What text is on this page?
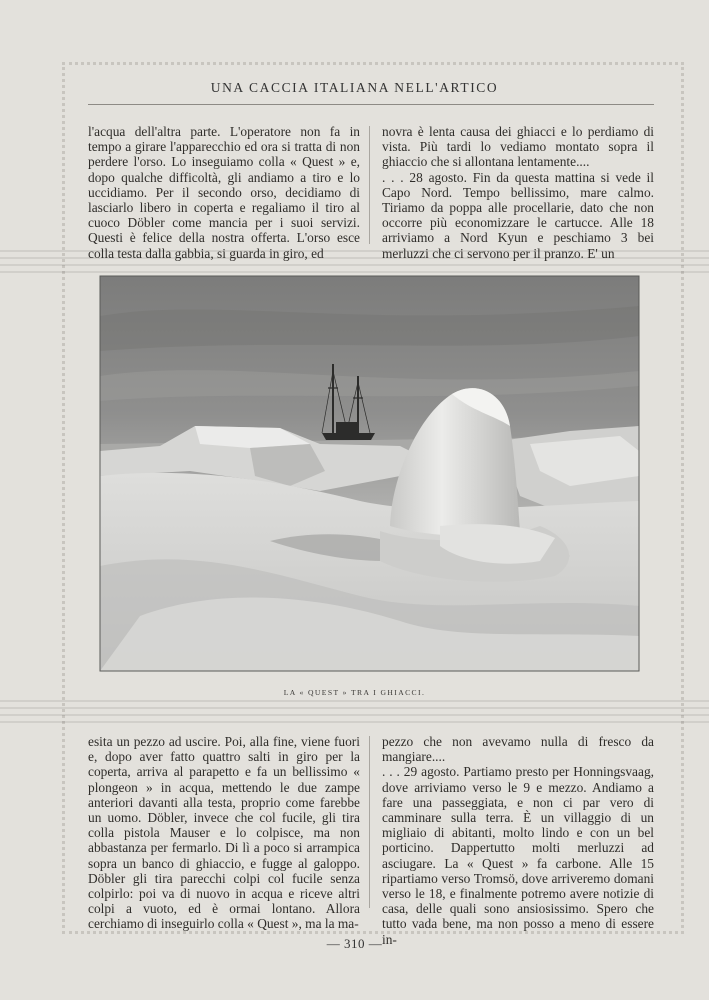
UNA CACCIA ITALIANA NELL'ARTICO

l'acqua dell'altra parte. L'operatore non fa in tempo a girare l'apparecchio ed ora si tratta di non perdere l'orso. Lo inseguiamo colla « Quest » e, dopo qualche difficoltà, gli andiamo a tiro e lo uccidiamo. Per il secondo orso, decidiamo di lasciarlo libero in coperta e regaliamo il tiro al cuoco Döbler come mancia per i suoi servizi. Questi è felice della nostra offerta. L'orso esce colla testa dalla gabbia, si guarda in giro, ed

novra è lenta causa dei ghiacci e lo perdiamo di vista. Più tardi lo vediamo montato sopra il ghiaccio che si allontana lentamente....

. . . 28 agosto. Fin da questa mattina si vede il Capo Nord. Tempo bellissimo, mare calmo. Tiriamo da poppa alle procellarie, dato che non occorre più economizzare le cartucce. Alle 18 arriviamo a Nord Kyun e peschiamo 3 bei merluzzi che ci servono per il pranzo. E' un

LA « QUEST » TRA I GHIACCI.

esita un pezzo ad uscire. Poi, alla fine, viene fuori e, dopo aver fatto quattro salti in giro per la coperta, arriva al parapetto e fa un bellissimo « plongeon » in acqua, mettendo le due zampe anteriori davanti alla testa, proprio come farebbe un uomo. Döbler, invece che col fucile, gli tira colla pistola Mauser e lo colpisce, ma non abbastanza per fermarlo. Di lì a poco si arrampica sopra un banco di ghiaccio, e fugge al galoppo. Döbler gli tira parecchi colpi col fucile senza colpirlo: poi va di nuovo in acqua e riceve altri colpi a vuoto, ed è ormai lontano. Allora cerchiamo di inseguirlo colla « Quest », ma la ma-

pezzo che non avevamo nulla di fresco da mangiare....

. . . 29 agosto. Partiamo presto per Honningsvaag, dove arriviamo verso le 9 e mezzo. Andiamo a fare una passeggiata, e non ci par vero di camminare sulla terra. È un villaggio di un migliaio di abitanti, molto lindo e con un bel porticino. Dappertutto molti merluzzi ad asciugare. La « Quest » fa carbone. Alle 15 ripartiamo verso Tromsö, dove arriveremo domani verso le 18, e finalmente potremo avere notizie di casa, delle quali sono ansiosissimo. Spero che tutto vada bene, ma non posso a meno di essere in-

— 310 —
